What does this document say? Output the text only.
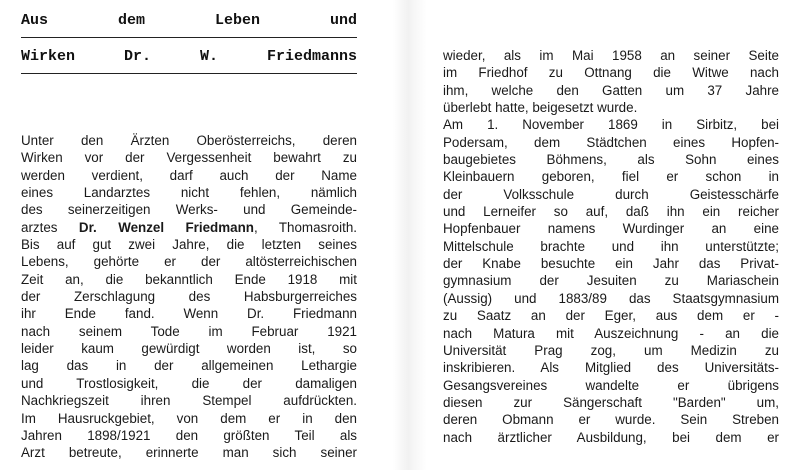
Aus	dem	Leben	und
Wirken	Dr.	W.	Friedmanns
Unter den Ärzten Oberösterreichs, deren
Wirken vor der Vergessenheit bewahrt zu
werden verdient, darf auch der Name
eines Landarztes nicht fehlen, nämlich
des seinerzeitigen Werks- und Gemeinde-
arztes Dr. Wenzel Friedmann, Thomasroith.
Bis auf gut zwei Jahre, die letzten seines
Lebens, gehörte er der altösterreichischen
Zeit an, die bekanntlich Ende 1918 mit
der Zerschlagung des Habsburgerreiches
ihr Ende fand. Wenn Dr. Friedmann
nach seinem Tode im Februar 1921
leider kaum gewürdigt worden ist, so
lag das in der allgemeinen Lethargie
und Trostlosigkeit, die der damaligen
Nachkriegszeit ihren Stempel aufdrückten.
Im Hausruckgebiet, von dem er in den
Jahren 1898/1921 den größten Teil als
Arzt betreute, erinnerte man sich seiner
wieder, als im Mai 1958 an seiner Seite
im Friedhof zu Ottnang die Witwe nach
ihm, welche den Gatten um 37 Jahre
überlebt hatte, beigesetzt wurde.
Am 1. November 1869 in Sirbitz, bei
Podersam, dem Städtchen eines Hopfen-
baugebietes Böhmens, als Sohn eines
Kleinbauern geboren, fiel er schon in
der Volksschule durch Geistesschärfe
und Lerneifer so auf, daß ihn ein reicher
Hopfenbauer namens Wurdinger an eine
Mittelschule brachte und ihn unterstützte;
der Knabe besuchte ein Jahr das Privat-
gymnasium der Jesuiten zu Mariaschein
(Aussig) und 1883/89 das Staatsgymnasium
zu Saatz an der Eger, aus dem er -
nach Matura mit Auszeichnung - an die
Universität Prag zog, um Medizin zu
inskribieren. Als Mitglied des Universitäts-
Gesangsvereines wandelte er übrigens
diesen zur Sängerschaft "Barden" um,
deren Obmann er wurde. Sein Streben
nach ärztlicher Ausbildung, bei dem er
